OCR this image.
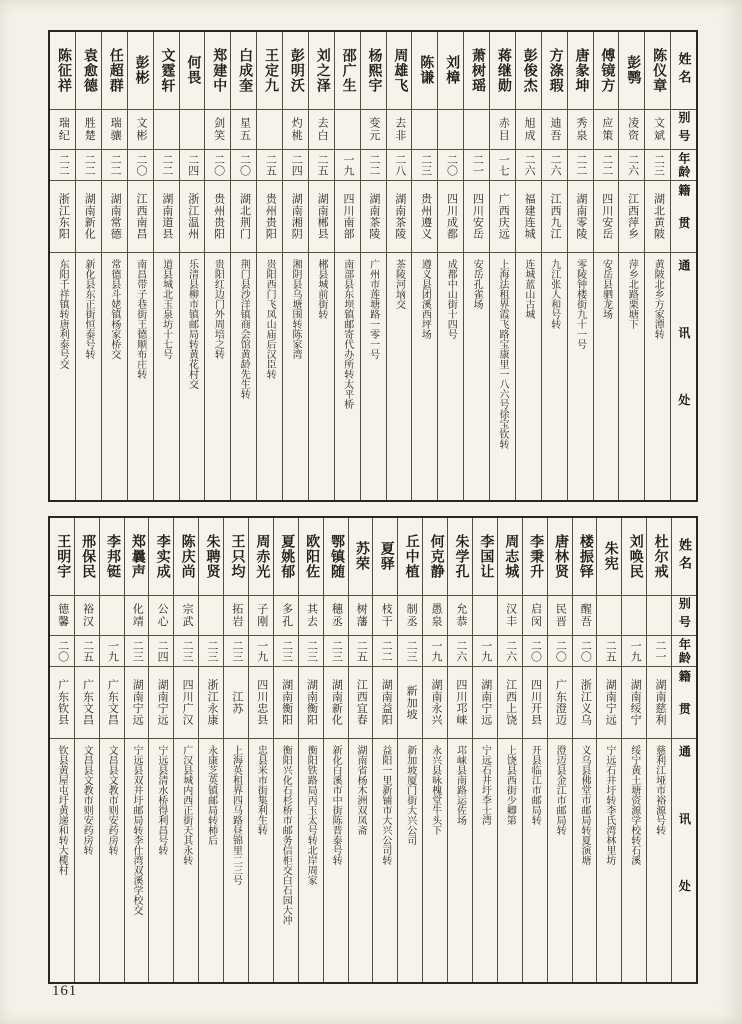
姓名
别号
年龄
籍贯
通讯处
陈仪章
文斌
二三
湖北黄陂
黄陂北乡方家潭转
彭鹗
凌资
二六
江西萍乡
萍乡北路栗塘下
傅镜方
应策
二二
四川安岳
安岳县驷龙场
唐彖坤
秀泉
二二
湖南零陵
零陵钟楼街九十一号
方涤瑕
迪吾
二六
江西九江
九江张人和号转
彭俊杰
旭成
二六
福建连城
连城蓝山古城
蒋继勋
赤目
一七
广西庆远
上海法租界霞飞路宝康里一八六号徐宝钦转
萧树瑶
二一
四川安岳
安岳孔雀场
刘樟
二〇
四川成都
成都中山街十四号
陈谦
二三
贵州遵义
遵义县团溪西坪场
周雄飞
去非
二八
湖南茶陵
茶陵河垴交
杨熙宇
变元
二二
湖南茶陵
广州市莲塘路一零一号
邵广生
一九
四川南部
南部县东坝镇邮寄代办所转太平桥
刘之泽
去白
二五
湖南郴县
郴县城前街转
彭明沃
灼桃
二四
湖南湘阴
湘阴县乌塘围转陈家湾
王定九
二五
贵州贵阳
贵阳西门飞凤山庙后汉臣转
白成奎
星五
二〇
湖北荆门
荆门县沙洋镇商会馆黄龄先生转
郑建中
剑笑
二〇
贵州贵阳
贵阳红边门外周培之转
何畏
二四
浙江温州
乐清县柳市镇邮局转黄花村交
文霆轩
二二
湖南道县
道县城北玉泉坊十七号
彭彬
文彬
二〇
江西南昌
南昌带子巷街王德顺布庄转
任超群
瑞骧
二二
湖南常德
常德县斗姥镇杨家桥交
袁愈德
胜楚
二二
湖南新化
新化县东正街恒泰号转
陈征祥
瑞纪
二二
浙江东阳
东阳千祥镇转唐利泰号交
姓名
别号
年龄
籍贯
通讯处
杜尔戒
二一
湖南慈利
慈利江垭市裕源号转
刘唤民
一九
湖南绥宁
绥宁黄土塘资源学校转石溪
朱宪
二五
湖南宁远
宁远石井圩转李氏湾林里坊
楼振铎
醒吾
二〇
浙江义乌
义乌县佛堂市邮局转夏演塘
唐林贤
民晋
二〇
广东澄迈
澄迈县金江市邮局转
李秉升
启闵
二〇
四川开县
开县临江市邮局转
周志城
汉丰
二六
江西上饶
上饶县西街少卿第
李国让
一九
湖南宁远
宁远石井圩李士湾
朱学孔
允恭
二六
四川邛崃
邛崃县南路运佐场
何克静
愚泉
一九
湖南永兴
永兴县咏槐堂牛头下
丘中植
制丞
二三
新加坡
新加坡厦门街大兴公司
夏驿
枝干
二二
湖南益阳
益阳一里新铺市大兴公司转
苏荣
树藩
二五
江西宜春
湖南省杨木洲双凤斋
鄂镇随
穗丞
二三
湖南新化
新化白溪市中街陈晋泰号转
欧阳佐
其去
二三
湖南衡阳
衡阳铁路局丙玉太号转北岸周家
夏姚郁
多孔
二三
湖南衡阳
衡阳兴化石杉桥市邮务信柜交白石园大冲
周赤光
子刚
一九
四川忠县
忠县米市街集利生转
王只均
拓岩
二三
江苏
上海英租界四马路昼锦里二三号
朱聘贤
二三
浙江永康
永康芝英镇邮局转柿后
陈庆尚
宗武
二三
四川广汉
广汉县城内西正街天其永转
李实成
公心
二四
湖南宁远
宁远县清水桥得利昌号转
郑曩声
化靖
二三
湖南宁远
宁远县双井圩邮局转李仕湾双溪学校交
李邦铤
一九
广东文昌
文昌县文教市则安药房转
邢保民
裕汉
二五
广东文昌
文昌县文教市则安药房转
王明宇
德馨
二〇
广东钦县
钦县黄屋屯圩黄递和转大榄村
161
